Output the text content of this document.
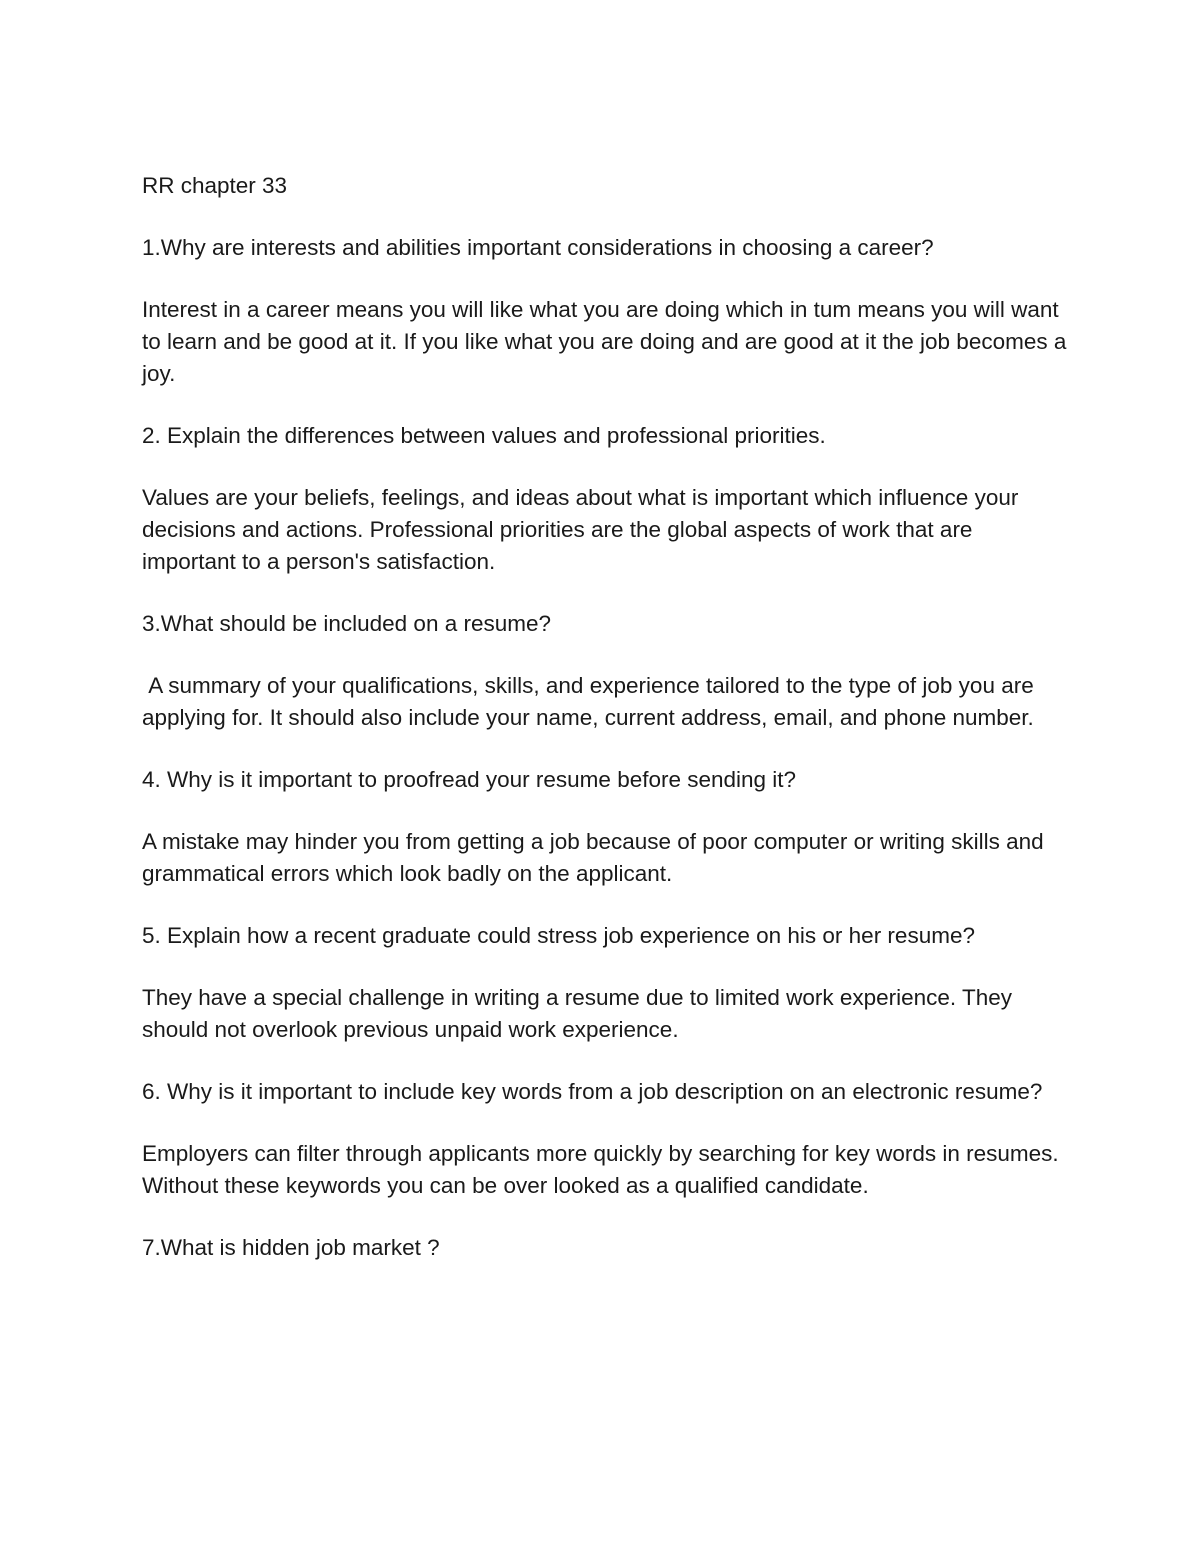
RR chapter 33
1.Why are interests and abilities important considerations in choosing a career?
Interest in a career means you will like what you are doing which in tum means you will want to learn and be good at it. If you like what you are doing and are good at it the job becomes a joy.
2. Explain the differences between values and professional priorities.
Values are your beliefs, feelings, and ideas about what is important which influence your decisions and actions. Professional priorities are the global aspects of work that are important to a person's satisfaction.
3.What should be included on a resume?
A summary of your qualifications, skills, and experience tailored to the type of job you are applying for. It should also include your name, current address, email, and phone number.
4. Why is it important to proofread your resume before sending it?
A mistake may hinder you from getting a job because of poor computer or writing skills and grammatical errors which look badly on the applicant.
5. Explain how a recent graduate could stress job experience on his or her resume?
They have a special challenge in writing a resume due to limited work experience. They should not overlook previous unpaid work experience.
6. Why is it important to include key words from a job description on an electronic resume?
Employers can filter through applicants more quickly by searching for key words in resumes. Without these keywords you can be over looked as a qualified candidate.
7.What is hidden job market ?
